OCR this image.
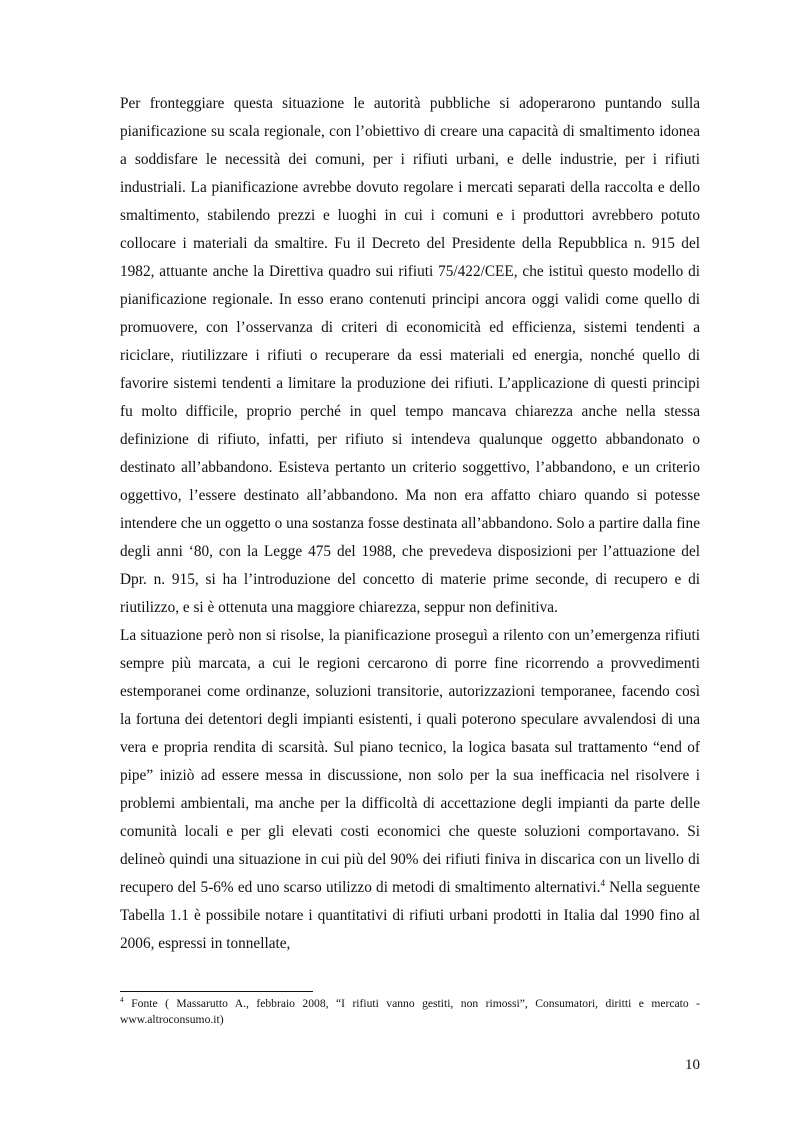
Per fronteggiare questa situazione le autorità pubbliche si adoperarono puntando sulla pianificazione su scala regionale, con l’obiettivo di creare una capacità di smaltimento idonea a soddisfare le necessità dei comuni, per i rifiuti urbani, e delle industrie, per i rifiuti industriali. La pianificazione avrebbe dovuto regolare i mercati separati della raccolta e dello smaltimento, stabilendo prezzi e luoghi in cui i comuni e i produttori avrebbero potuto collocare i materiali da smaltire. Fu il Decreto del Presidente della Repubblica n. 915 del 1982, attuante anche la Direttiva quadro sui rifiuti 75/422/CEE, che istituì questo modello di pianificazione regionale. In esso erano contenuti principi ancora oggi validi come quello di promuovere, con l’osservanza di criteri di economicità ed efficienza, sistemi tendenti a riciclare, riutilizzare i rifiuti o recuperare da essi materiali ed energia, nonché quello di favorire sistemi tendenti a limitare la produzione dei rifiuti. L’applicazione di questi principi fu molto difficile, proprio perché in quel tempo mancava chiarezza anche nella stessa definizione di rifiuto, infatti, per rifiuto si intendeva qualunque oggetto abbandonato o destinato all’abbandono. Esisteva pertanto un criterio soggettivo, l’abbandono, e un criterio oggettivo, l’essere destinato all’abbandono. Ma non era affatto chiaro quando si potesse intendere che un oggetto o una sostanza fosse destinata all’abbandono. Solo a partire dalla fine degli anni ‘80, con la Legge 475 del 1988, che prevedeva disposizioni per l’attuazione del Dpr. n. 915, si ha l’introduzione del concetto di materie prime seconde, di recupero e di riutilizzo, e si è ottenuta una maggiore chiarezza, seppur non definitiva.

La situazione però non si risolse, la pianificazione proseguì a rilento con un’emergenza rifiuti sempre più marcata, a cui le regioni cercarono di porre fine ricorrendo a provvedimenti estemporanei come ordinanze, soluzioni transitorie, autorizzazioni temporanee, facendo così la fortuna dei detentori degli impianti esistenti, i quali poterono speculare avvalendosi di una vera e propria rendita di scarsità. Sul piano tecnico, la logica basata sul trattamento “end of pipe” iniziò ad essere messa in discussione, non solo per la sua inefficacia nel risolvere i problemi ambientali, ma anche per la difficoltà di accettazione degli impianti da parte delle comunità locali e per gli elevati costi economici che queste soluzioni comportavano. Si delineò quindi una situazione in cui più del 90% dei rifiuti finiva in discarica con un livello di recupero del 5-6% ed uno scarso utilizzo di metodi di smaltimento alternativi.$^4$ Nella seguente Tabella 1.1 è possibile notare i quantitativi di rifiuti urbani prodotti in Italia dal 1990 fino al 2006, espressi in tonnellate,

$^4$ Fonte ( Massarutto A., febbraio 2008, “I rifiuti vanno gestiti, non rimossi”, Consumatori, diritti e mercato - www.altroconsumo.it)
10
